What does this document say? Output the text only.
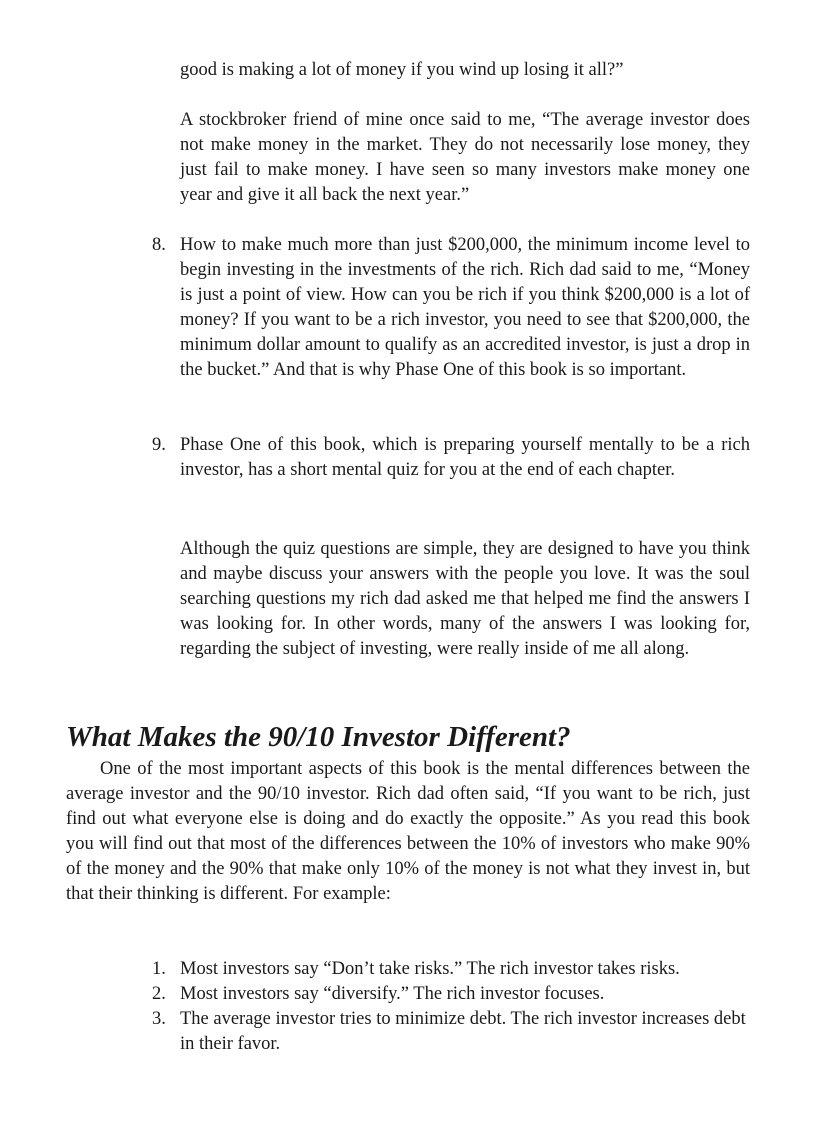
good is making a lot of money if you wind up losing it all?”

A stockbroker friend of mine once said to me, “The average investor does not make money in the market. They do not necessarily lose money, they just fail to make money. I have seen so many investors make money one year and give it all back the next year.”

8. How to make much more than just $200,000, the minimum income level to begin investing in the investments of the rich. Rich dad said to me, “Money is just a point of view. How can you be rich if you think $200,000 is a lot of money? If you want to be a rich investor, you need to see that $200,000, the minimum dollar amount to qualify as an accredited investor, is just a drop in the bucket.” And that is why Phase One of this book is so important.

9. Phase One of this book, which is preparing yourself mentally to be a rich investor, has a short mental quiz for you at the end of each chapter.

Although the quiz questions are simple, they are designed to have you think and maybe discuss your answers with the people you love. It was the soul searching questions my rich dad asked me that helped me find the answers I was looking for. In other words, many of the answers I was looking for, regarding the subject of investing, were really inside of me all along.

What Makes the 90/10 Investor Different?

One of the most important aspects of this book is the mental differences between the average investor and the 90/10 investor. Rich dad often said, “If you want to be rich, just find out what everyone else is doing and do exactly the opposite.” As you read this book you will find out that most of the differences between the 10% of investors who make 90% of the money and the 90% that make only 10% of the money is not what they invest in, but that their thinking is different. For example:

1. Most investors say “Don’t take risks.” The rich investor takes risks.

2. Most investors say “diversify.” The rich investor focuses.

3. The average investor tries to minimize debt. The rich investor increases debt in their favor.
